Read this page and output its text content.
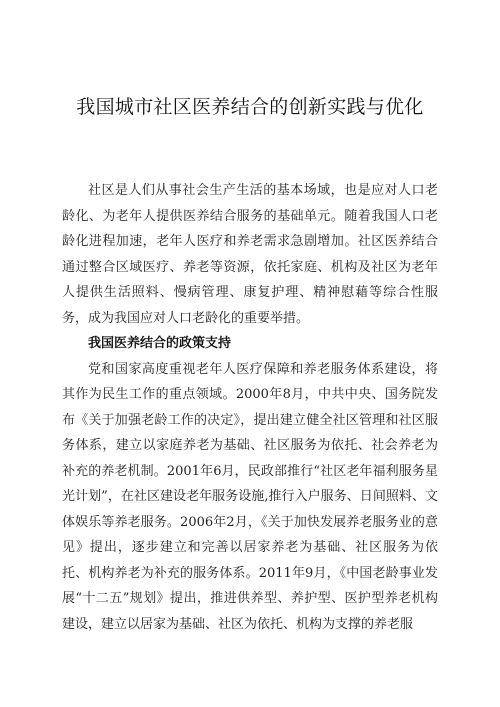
我国城市社区医养结合的创新实践与优化

社区是人们从事社会生产生活的基本场域，也是应对人口老龄化、为老年人提供医养结合服务的基础单元。随着我国人口老龄化进程加速，老年人医疗和养老需求急剧增加。社区医养结合通过整合区域医疗、养老等资源，依托家庭、机构及社区为老年人提供生活照料、慢病管理、康复护理、精神慰藉等综合性服务，成为我国应对人口老龄化的重要举措。

我国医养结合的政策支持

党和国家高度重视老年人医疗保障和养老服务体系建设，将其作为民生工作的重点领域。2000年8月，中共中央、国务院发布《关于加强老龄工作的决定》，提出建立健全社区管理和社区服务体系，建立以家庭养老为基础、社区服务为依托、社会养老为补充的养老机制。2001年6月，民政部推行“社区老年福利服务星光计划”，在社区建设老年服务设施,推行入户服务、日间照料、文体娱乐等养老服务。2006年2月，《关于加快发展养老服务业的意见》提出，逐步建立和完善以居家养老为基础、社区服务为依托、机构养老为补充的服务体系。2011年9月，《中国老龄事业发展“十二五”规划》提出，推进供养型、养护型、医护型养老机构建设，建立以居家为基础、社区为依托、机构为支撑的养老服
